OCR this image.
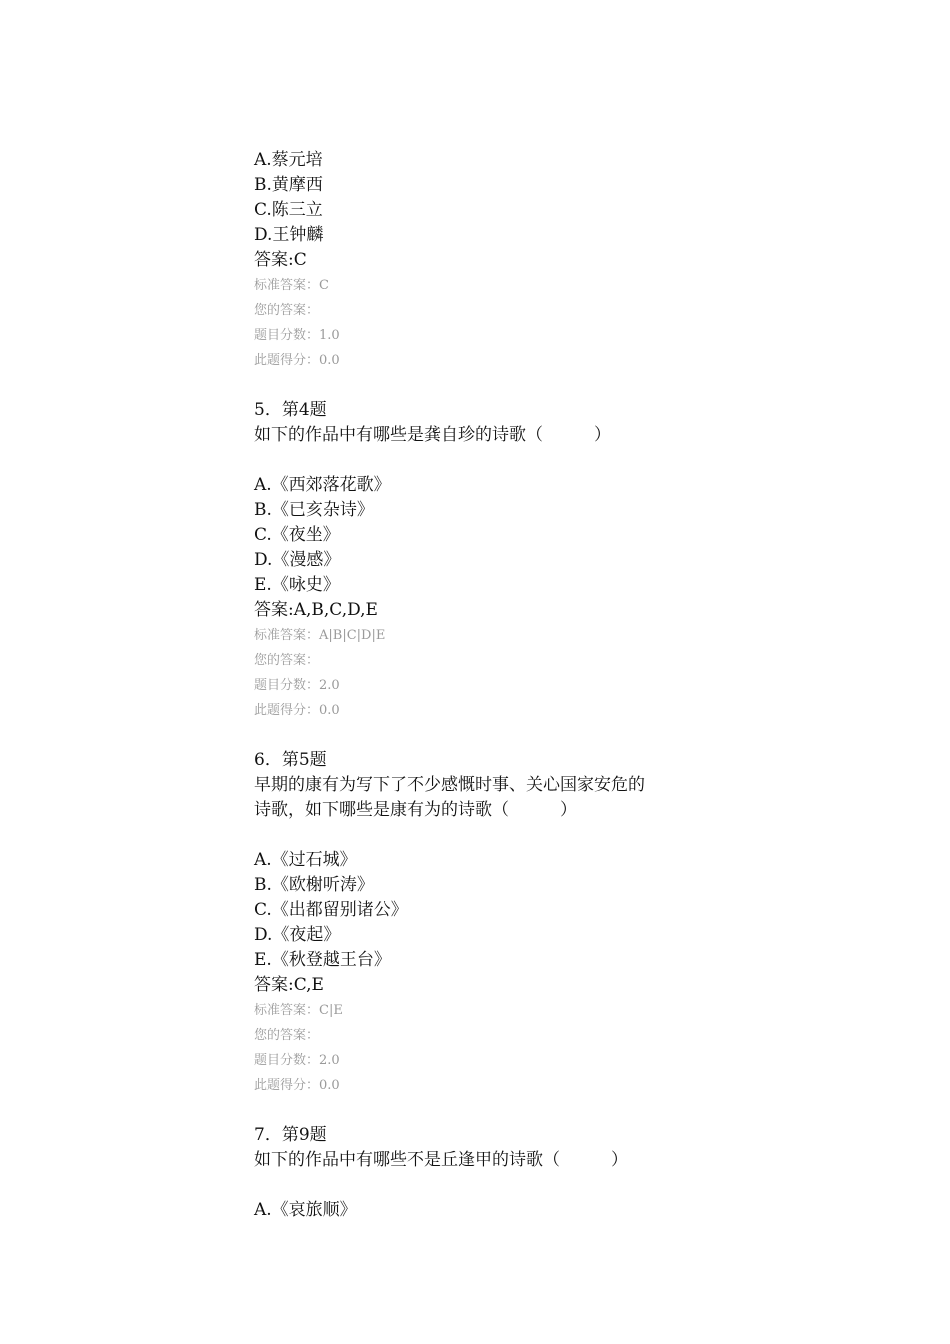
A.蔡元培
B.黄摩西
C.陈三立
D.王钟麟
答案:C
标准答案：C
您的答案：
题目分数：1.0
此题得分：0.0
5．第4题
如下的作品中有哪些是龚自珍的诗歌（　　　）
A.《西郊落花歌》
B.《已亥杂诗》
C.《夜坐》
D.《漫感》
E.《咏史》
答案:A,B,C,D,E
标准答案：A|B|C|D|E
您的答案：
题目分数：2.0
此题得分：0.0
6．第5题
早期的康有为写下了不少感慨时事、关心国家安危的
诗歌，如下哪些是康有为的诗歌（　　　）
A.《过石城》
B.《欧榭听涛》
C.《出都留别诸公》
D.《夜起》
E.《秋登越王台》
答案:C,E
标准答案：C|E
您的答案：
题目分数：2.0
此题得分：0.0
7．第9题
如下的作品中有哪些不是丘逢甲的诗歌（　　　）
A.《哀旅顺》
